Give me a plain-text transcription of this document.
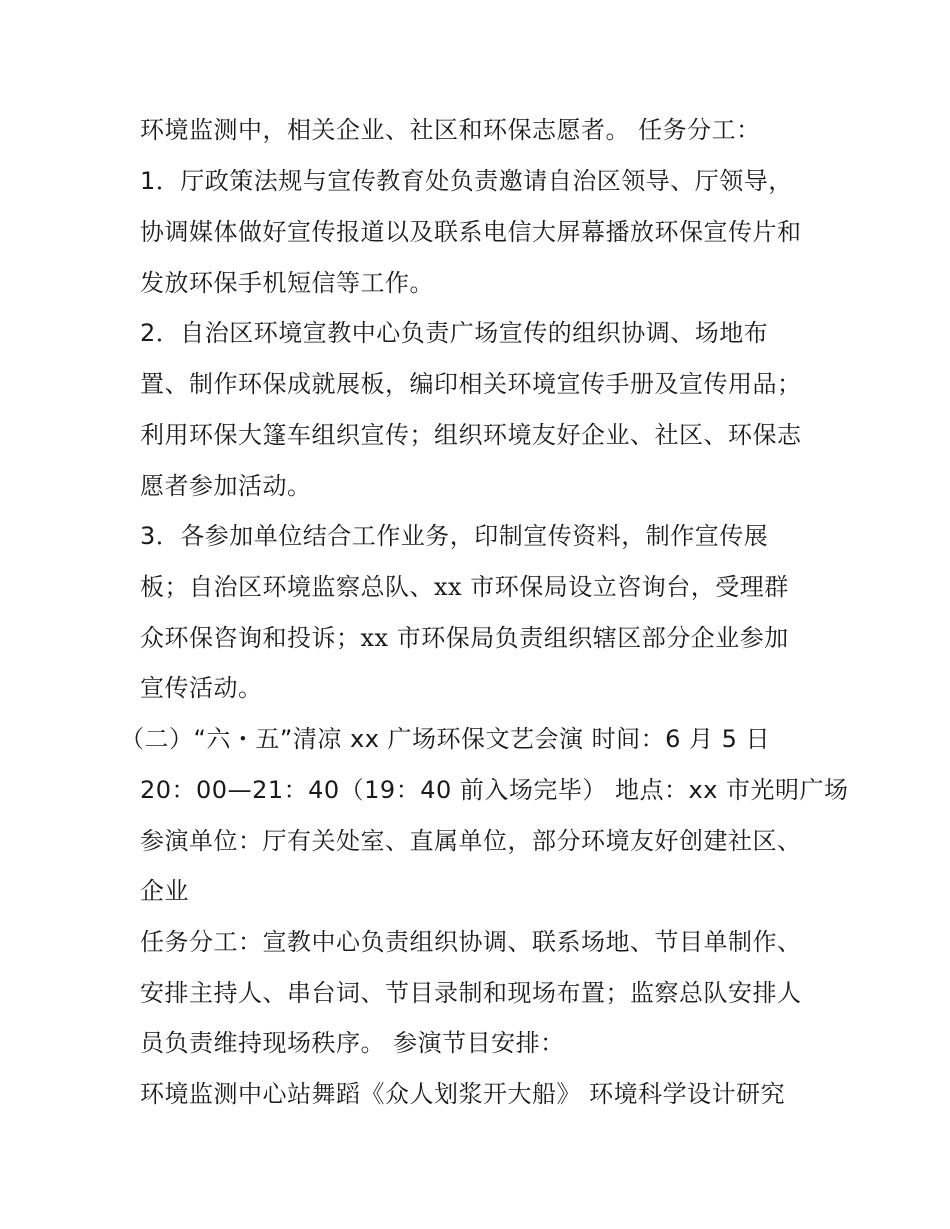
环境监测中，相关企业、社区和环保志愿者。 任务分工：
1．厅政策法规与宣传教育处负责邀请自治区领导、厅领导，
协调媒体做好宣传报道以及联系电信大屏幕播放环保宣传片和
发放环保手机短信等工作。
2．自治区环境宣教中心负责广场宣传的组织协调、场地布
置、制作环保成就展板，编印相关环境宣传手册及宣传用品；
利用环保大篷车组织宣传；组织环境友好企业、社区、环保志
愿者参加活动。
3．各参加单位结合工作业务，印制宣传资料，制作宣传展
板；自治区环境监察总队、xx 市环保局设立咨询台，受理群
众环保咨询和投诉；xx 市环保局负责组织辖区部分企业参加
宣传活动。
（二）“六・五”清凉 xx 广场环保文艺会演 时间：6 月 5 日
20：00—21：40（19：40 前入场完毕） 地点：xx 市光明广场
参演单位：厅有关处室、直属单位，部分环境友好创建社区、
企业
任务分工：宣教中心负责组织协调、联系场地、节目单制作、
安排主持人、串台词、节目录制和现场布置；监察总队安排人
员负责维持现场秩序。 参演节目安排：
环境监测中心站舞蹈《众人划浆开大船》 环境科学设计研究
